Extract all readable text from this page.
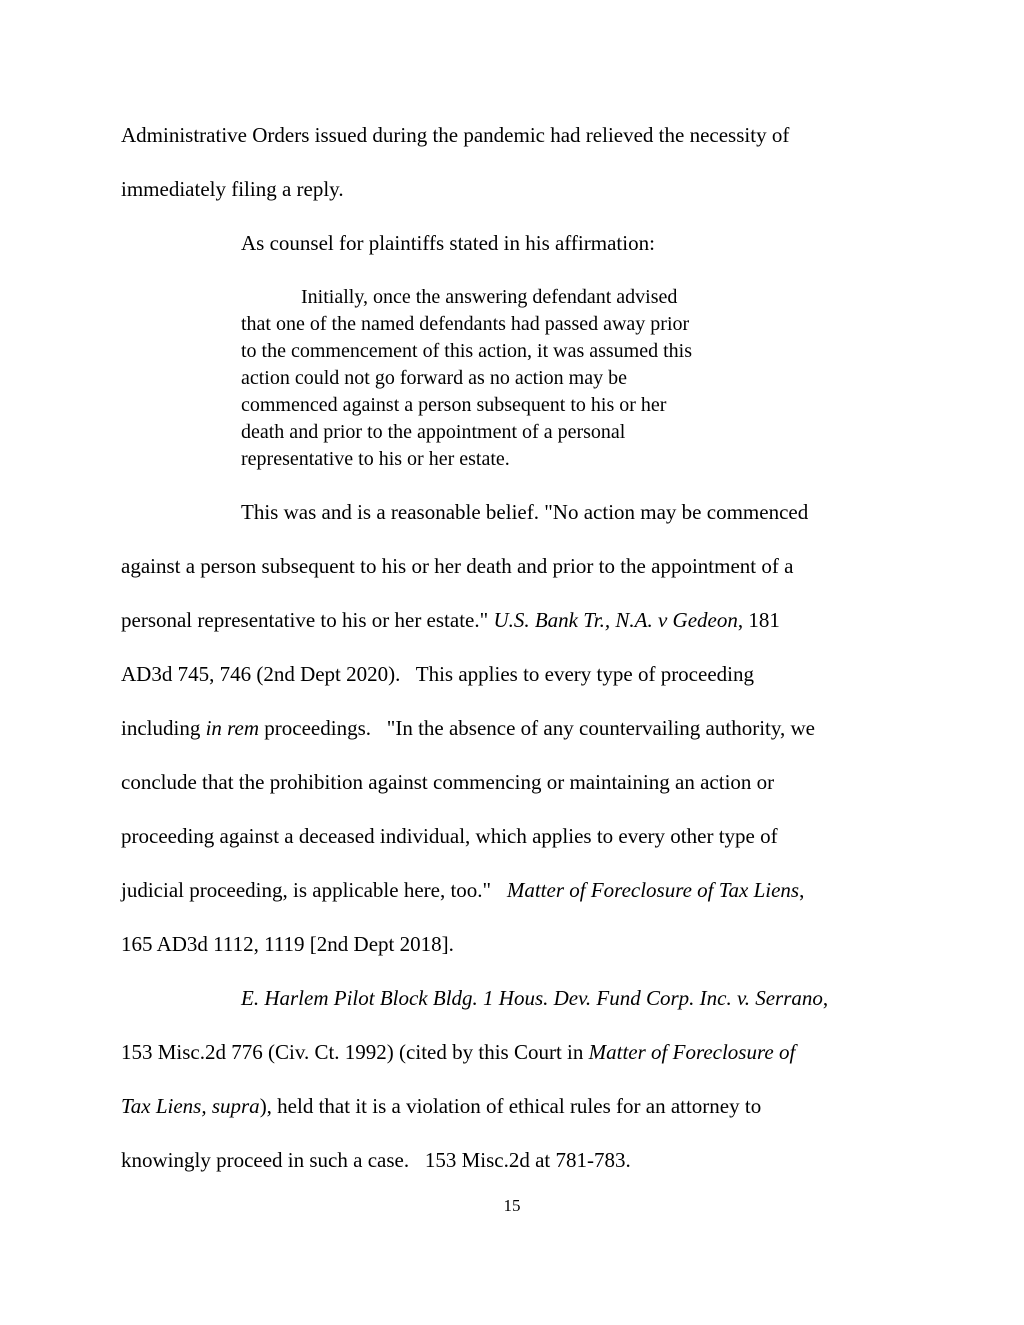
Administrative Orders issued during the pandemic had relieved the necessity of
immediately filing a reply.
As counsel for plaintiffs stated in his affirmation:
Initially, once the answering defendant advised
that one of the named defendants had passed away prior
to the commencement of this action, it was assumed this
action could not go forward as no action may be
commenced against a person subsequent to his or her
death and prior to the appointment of a personal
representative to his or her estate.
This was and is a reasonable belief. "No action may be commenced
against a person subsequent to his or her death and prior to the appointment of a
personal representative to his or her estate." U.S. Bank Tr., N.A. v Gedeon, 181
AD3d 745, 746 (2nd Dept 2020).   This applies to every type of proceeding
including in rem proceedings.   "In the absence of any countervailing authority, we
conclude that the prohibition against commencing or maintaining an action or
proceeding against a deceased individual, which applies to every other type of
judicial proceeding, is applicable here, too."   Matter of Foreclosure of Tax Liens,
165 AD3d 1112, 1119 [2nd Dept 2018].
E. Harlem Pilot Block Bldg. 1 Hous. Dev. Fund Corp. Inc. v. Serrano,
153 Misc.2d 776 (Civ. Ct. 1992) (cited by this Court in Matter of Foreclosure of
Tax Liens, supra), held that it is a violation of ethical rules for an attorney to
knowingly proceed in such a case.   153 Misc.2d at 781-783.
15
